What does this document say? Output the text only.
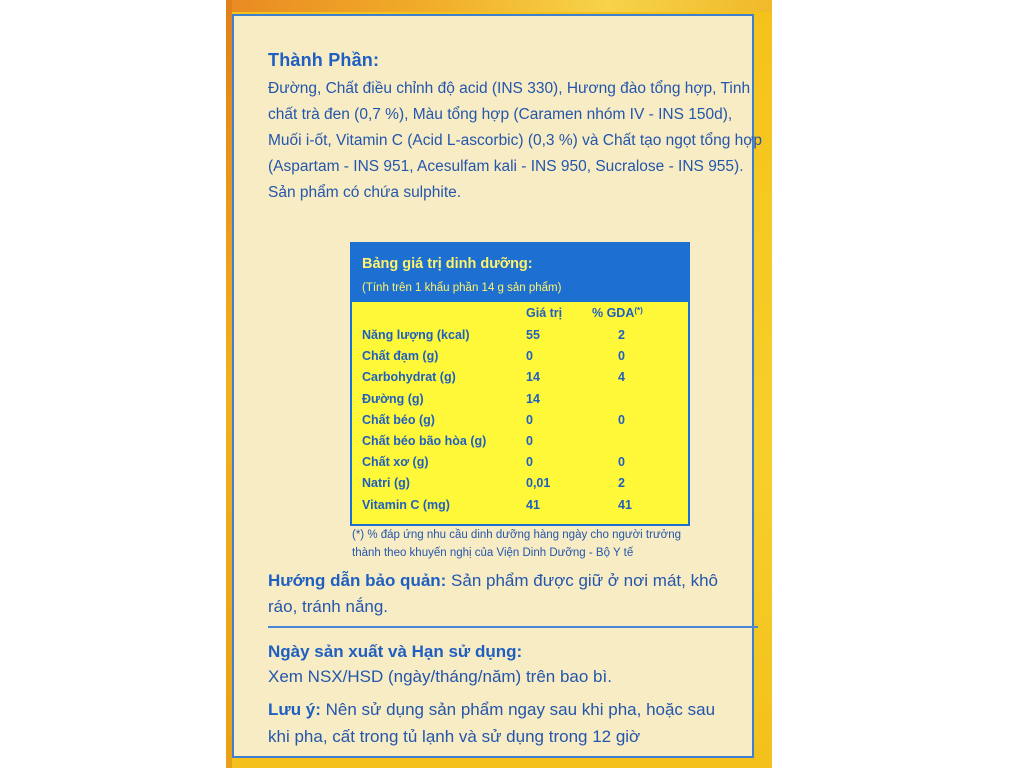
Thành Phần:
Đường, Chất điều chỉnh độ acid (INS 330), Hương đào tổng hợp, Tinh
chất trà đen (0,7 %), Màu tổng hợp (Caramen nhóm IV - INS 150d),
Muối i-ốt, Vitamin C (Acid L-ascorbic) (0,3 %) và Chất tạo ngọt tổng hợp
(Aspartam - INS 951, Acesulfam kali - INS 950, Sucralose - INS 955).
Sản phẩm có chứa sulphite.
Bảng giá trị dinh dưỡng:
(Tính trên 1 khẩu phần 14 g sản phẩm)
Giá trị % GDA(*)
Năng lượng (kcal)	55	2
Chất đạm (g)	0	0
Carbohydrat (g)	14	4
Đường (g)	14
Chất béo (g)	0	0
Chất béo bão hòa (g)	0
Chất xơ (g)	0	0
Natri (g)	0,01	2
Vitamin C (mg)	41	41
(*) % đáp ứng nhu cầu dinh dưỡng hàng ngày cho người trưởng
thành theo khuyến nghị của Viện Dinh Dưỡng - Bộ Y tế
Hướng dẫn bảo quản: Sản phẩm được giữ ở nơi mát, khô
ráo, tránh nắng.
Ngày sản xuất và Hạn sử dụng:
Xem NSX/HSD (ngày/tháng/năm) trên bao bì.
Lưu ý: Nên sử dụng sản phẩm ngay sau khi pha, hoặc sau
khi pha, cất trong tủ lạnh và sử dụng trong 12 giờ
